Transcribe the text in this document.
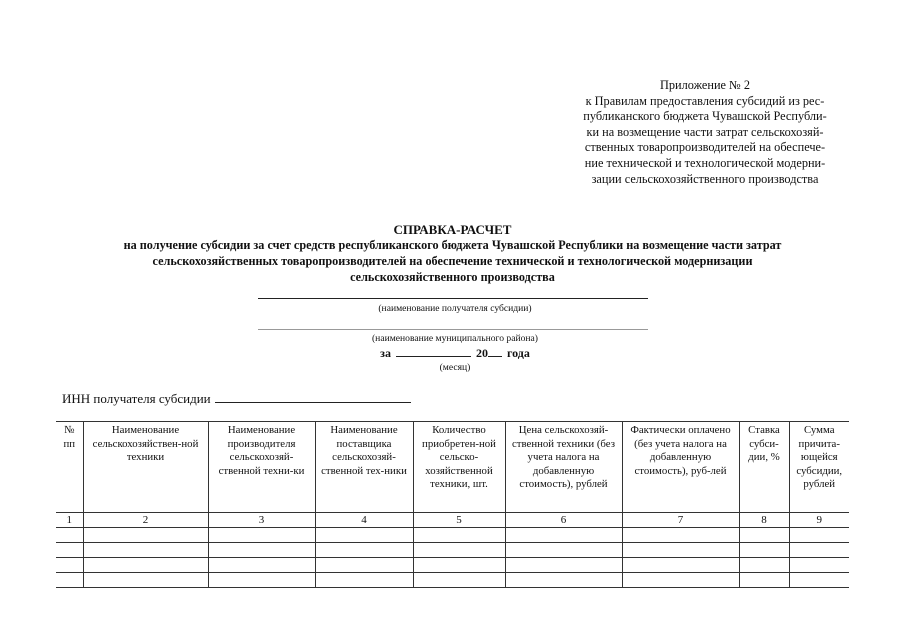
Приложение № 2
к Правилам предоставления субсидий из рес-
публиканского бюджета Чувашской Республи-
ки на возмещение части затрат сельскохозяй-
ственных товаропроизводителей на обеспече-
ние технической и технологической модерни-
зации сельскохозяйственного производства
СПРАВКА-РАСЧЕТ
на получение субсидии за счет средств республиканского бюджета Чувашской Республики на возмещение части затрат
сельскохозяйственных товаропроизводителей на обеспечение технической и технологической модернизации
сельскохозяйственного производства
(наименование получателя субсидии)
(наименование муниципального района)
за	20 года
(месяц)
ИНН получателя субсидии
№ пп	Наименование сельскохозяйствен-ной техники	Наименование производителя сельскохозяй-ственной техни-ки	Наименование поставщика сельскохозяй-ственной тех-ники	Количество приобретен-ной сельско-хозяйственной техники, шт.	Цена сельскохозяй-ственной техники (без учета налога на добавленную стоимость), рублей	Фактически оплачено (без учета налога на добавленную стоимость), руб-лей	Ставка субси-дии, %	Сумма причита-ющейся субсидии, рублей
1	2	3	4	5	6	7	8	9
